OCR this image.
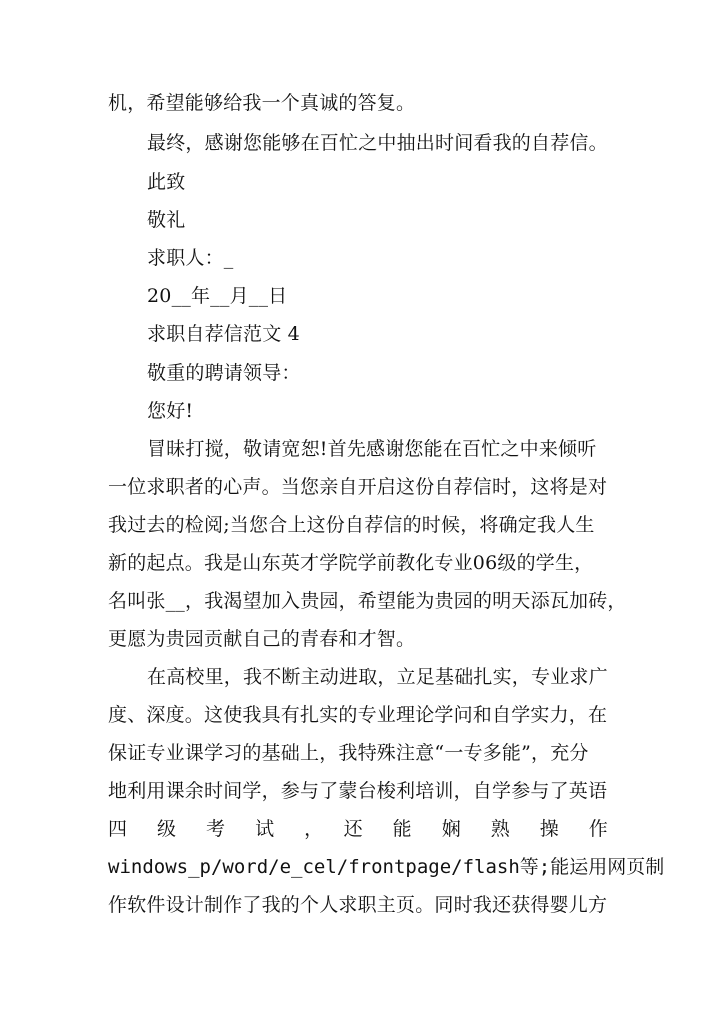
机，希望能够给我一个真诚的答复。
最终，感谢您能够在百忙之中抽出时间看我的自荐信。
此致
敬礼
求职人：_
20__年__月__日
求职自荐信范文 4
敬重的聘请领导：
您好!
冒昧打搅，敬请宽恕!首先感谢您能在百忙之中来倾听
一位求职者的心声。当您亲自开启这份自荐信时，这将是对
我过去的检阅;当您合上这份自荐信的时候，将确定我人生
新的起点。我是山东英才学院学前教化专业06级的学生，
名叫张__，我渴望加入贵园，希望能为贵园的明天添瓦加砖，
更愿为贵园贡献自己的青春和才智。
在高校里，我不断主动进取，立足基础扎实，专业求广
度、深度。这使我具有扎实的专业理论学问和自学实力，在
保证专业课学习的基础上，我特殊注意“一专多能”，充分
地利用课余时间学，参与了蒙台梭利培训，自学参与了英语
四　级　考　试　，　还　能　娴　熟　操　作
windows_p/word/e_cel/frontpage/flash等;能运用网页制
作软件设计制作了我的个人求职主页。同时我还获得婴儿方
